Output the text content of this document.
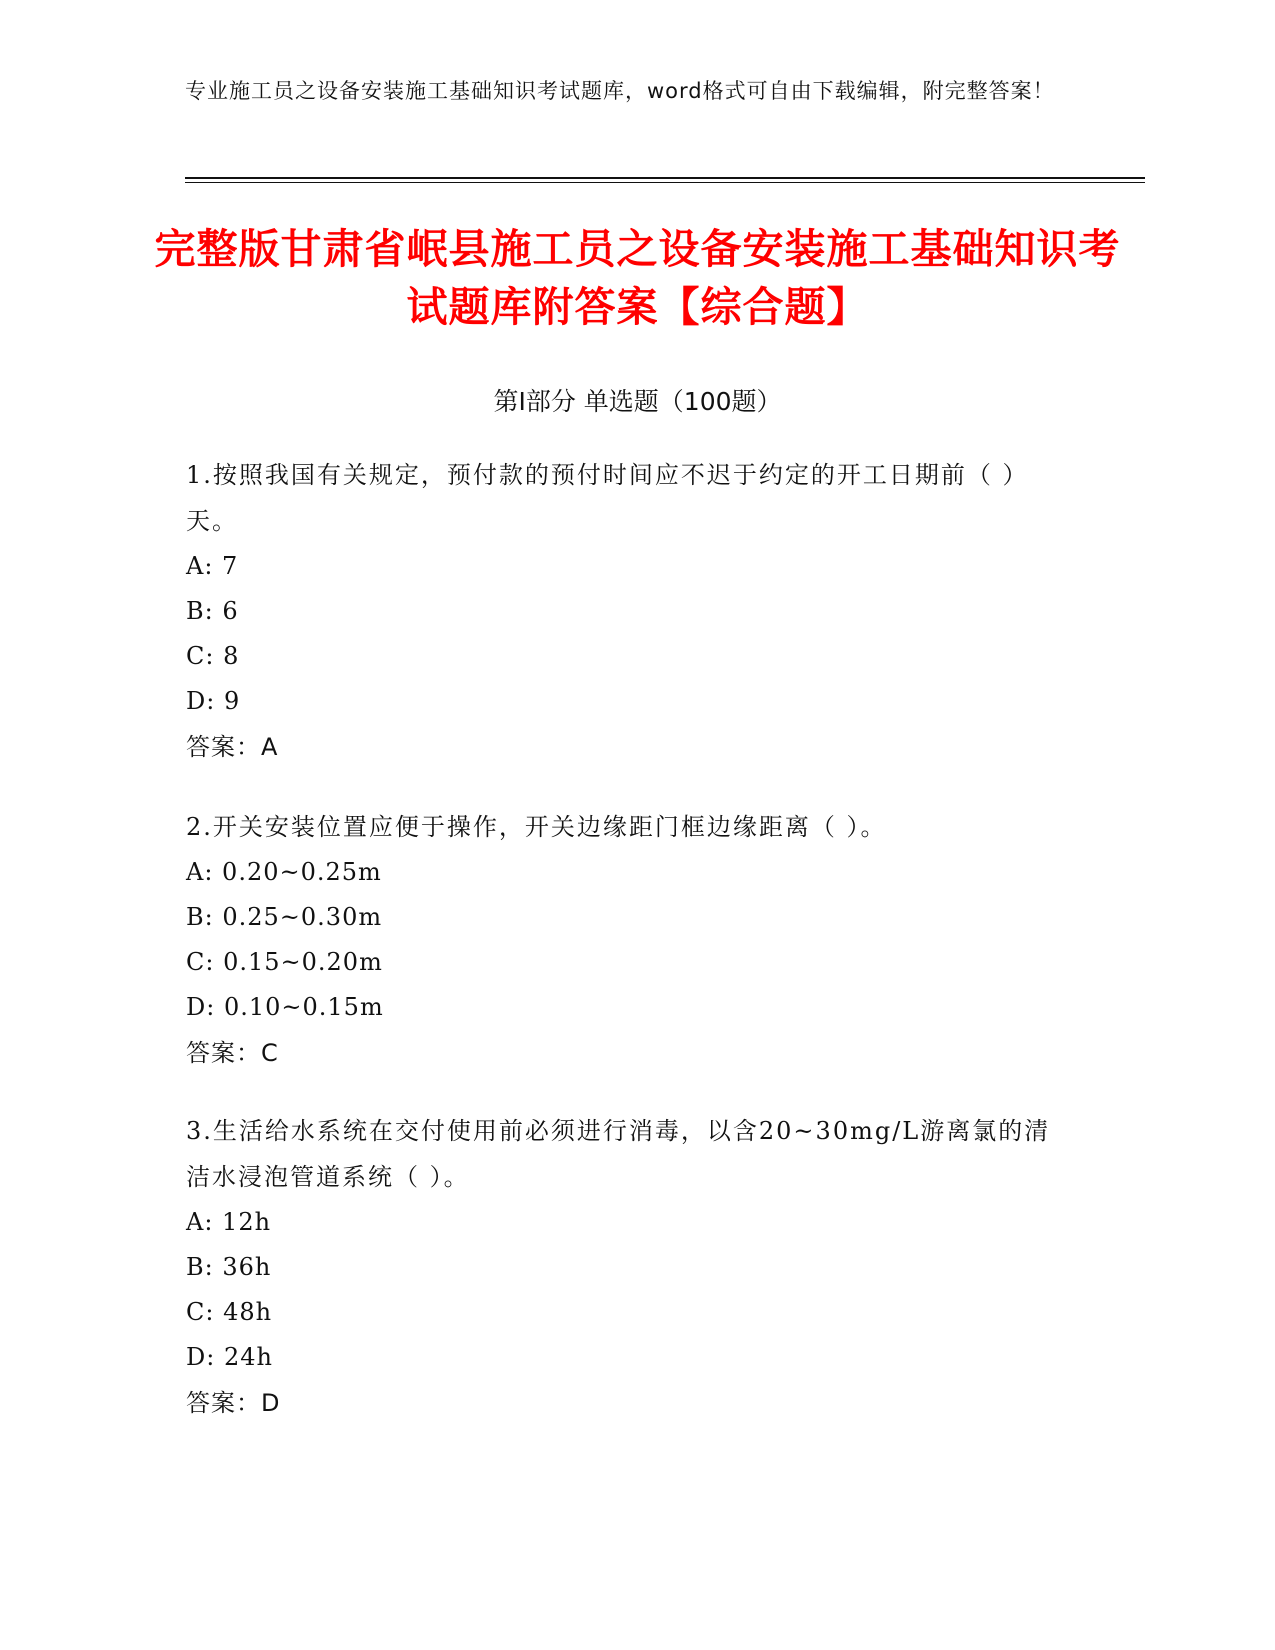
专业施工员之设备安装施工基础知识考试题库，word格式可自由下载编辑，附完整答案！
完整版甘肃省岷县施工员之设备安装施工基础知识考试题库附答案【综合题】
第Ⅰ部分 单选题（100题）
1.按照我国有关规定，预付款的预付时间应不迟于约定的开工日期前（ ）天。
A: 7
B: 6
C: 8
D: 9
答案：A
2.开关安装位置应便于操作，开关边缘距门框边缘距离（ ）。
A: 0.20~0.25m
B: 0.25~0.30m
C: 0.15~0.20m
D: 0.10~0.15m
答案：C
3.生活给水系统在交付使用前必须进行消毒，以含20~30mg/L游离氯的清洁水浸泡管道系统（ ）。
A: 12h
B: 36h
C: 48h
D: 24h
答案：D
